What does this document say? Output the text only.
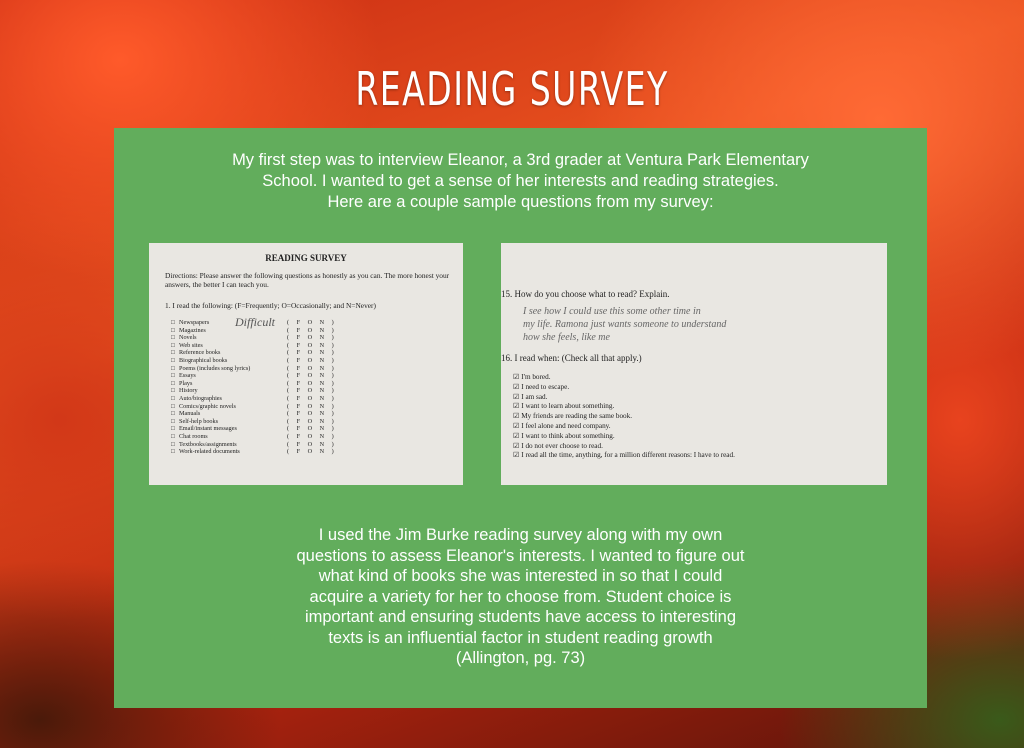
READING SURVEY
My first step was to interview Eleanor, a 3rd grader at Ventura Park Elementary
School. I wanted to get a sense of her interests and reading strategies.
Here are a couple sample questions from my survey:
READING SURVEY
Directions: Please answer the following questions as honestly as you can. The more honest your answers, the better I can teach you.
1. I read the following: (F=Frequently; O=Occasionally; and N=Never)
Difficult
□ Newspapers	( F O N )
□ Magazines	( F O N )
□ Novels	( F O N )
□ Web sites	( F O N )
□ Reference books	( F O N )
□ Biographical books	( F O N )
□ Poems (includes song lyrics)	( F O N )
□ Essays	( F O N )
□ Plays	( F O N )
□ History	( F O N )
□ Auto/biographies	( F O N )
□ Comics/graphic novels	( F O N )
□ Manuals	( F O N )
□ Self-help books	( F O N )
□ Email/instant messages	( F O N )
□ Chat rooms	( F O N )
□ Textbooks/assignments	( F O N )
□ Work-related documents	( F O N )
15. How do you choose what to read? Explain.
I see how I could use this some other time in
my life. Ramona just wants someone to understand
how she feels, like me
16. I read when: (Check all that apply.)
☑ I'm bored.
☑ I need to escape.
☑ I am sad.
☑ I want to learn about something.
☑ My friends are reading the same book.
☑ I feel alone and need company.
☑ I want to think about something.
☑ I do not ever choose to read.
☑ I read all the time, anything, for a million different reasons: I have to read.
I used the Jim Burke reading survey along with my own
questions to assess Eleanor's interests. I wanted to figure out
what kind of books she was interested in so that I could
acquire a variety for her to choose from. Student choice is
important and ensuring students have access to interesting
texts is an influential factor in student reading growth
(Allington, pg. 73)
